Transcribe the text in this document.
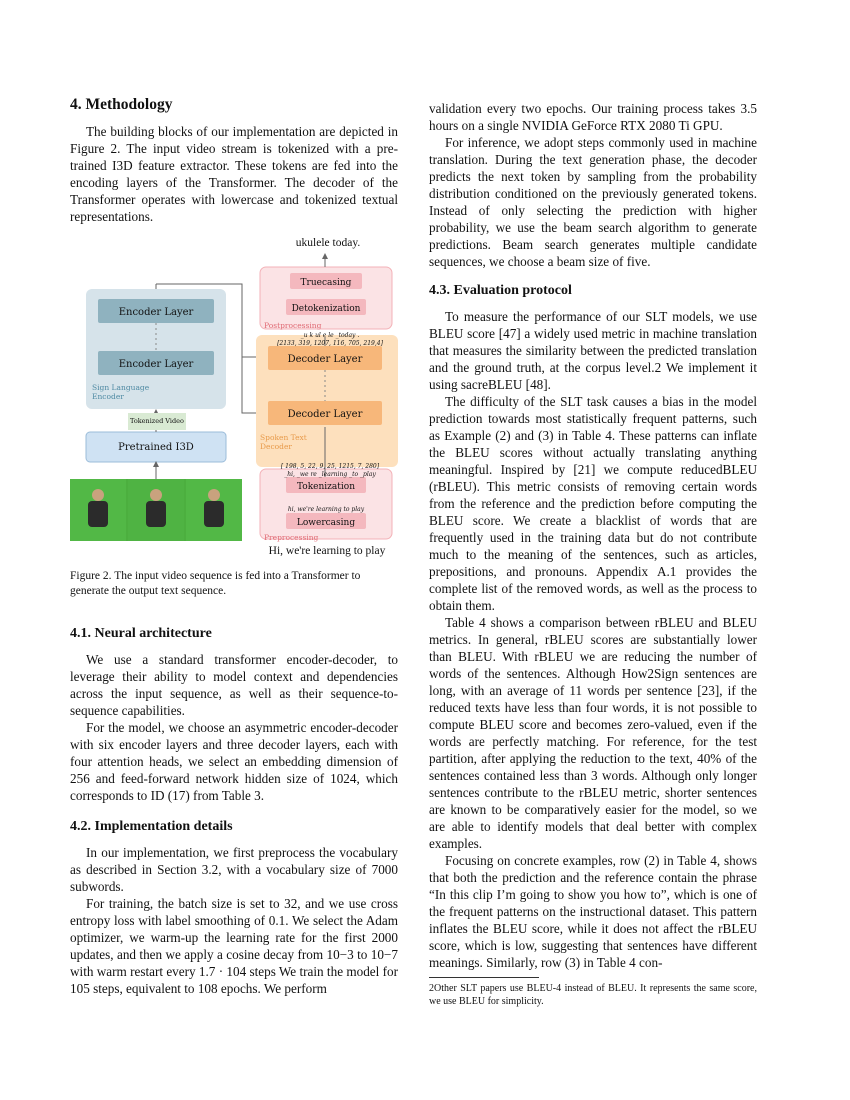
4. Methodology

The building blocks of our implementation are depicted in Figure 2. The input video stream is tokenized with a pre-trained I3D feature extractor. These tokens are fed into the encoding layers of the Transformer. The decoder of the Transformer operates with lowercase and tokenized textual representations.

ukulele today.
Truecasing
Detokenization
Postprocessing
_u k ul e le _today .
[2133, 319, 1207, 116, 705, 219,4]
Encoder Layer
Encoder Layer
Sign Language Encoder
Tokenized Video
Pretrained I3D
Decoder Layer
Decoder Layer
Spoken Text Decoder
[ 198, 5, 22, 9, 25, 1215, 7, 280]
_hi, _we re _learning _to _play
Tokenization
hi, we're learning to play
Lowercasing
Preprocessing
Hi, we're learning to play
Figure 2. The input video sequence is fed into a Transformer to generate the output text sequence.
4.1. Neural architecture

We use a standard transformer encoder-decoder, to leverage their ability to model context and dependencies across the input sequence, as well as their sequence-to-sequence capabilities.

For the model, we choose an asymmetric encoder-decoder with six encoder layers and three decoder layers, each with four attention heads, we select an embedding dimension of 256 and feed-forward network hidden size of 1024, which corresponds to ID (17) from Table 3.

4.2. Implementation details

In our implementation, we first preprocess the vocabulary as described in Section 3.2, with a vocabulary size of 7000 subwords.

For training, the batch size is set to 32, and we use cross entropy loss with label smoothing of 0.1. We select the Adam optimizer, we warm-up the learning rate for the first 2000 updates, and then we apply a cosine decay from 10−3 to 10−7 with warm restart every 1.7 · 104 steps We train the model for 105 steps, equivalent to 108 epochs. We perform

validation every two epochs. Our training process takes 3.5 hours on a single NVIDIA GeForce RTX 2080 Ti GPU.

For inference, we adopt steps commonly used in machine translation. During the text generation phase, the decoder predicts the next token by sampling from the probability distribution conditioned on the previously generated tokens. Instead of only selecting the prediction with higher probability, we use the beam search algorithm to generate predictions. Beam search generates multiple candidate sequences, we choose a beam size of five.

4.3. Evaluation protocol

To measure the performance of our SLT models, we use BLEU score [47] a widely used metric in machine translation that measures the similarity between the predicted translation and the ground truth, at the corpus level.2 We implement it using sacreBLEU [48].

The difficulty of the SLT task causes a bias in the model prediction towards most statistically frequent patterns, such as Example (2) and (3) in Table 4. These patterns can inflate the BLEU scores without actually translating anything meaningful. Inspired by [21] we compute reducedBLEU (rBLEU). This metric consists of removing certain words from the reference and the prediction before computing the BLEU score. We create a blacklist of words that are frequently used in the training data but do not contribute much to the meaning of the sentences, such as articles, prepositions, and pronouns. Appendix A.1 provides the complete list of the removed words, as well as the process to obtain them.

Table 4 shows a comparison between rBLEU and BLEU metrics. In general, rBLEU scores are substantially lower than BLEU. With rBLEU we are reducing the number of words of the sentences. Although How2Sign sentences are long, with an average of 11 words per sentence [23], if the reduced texts have less than four words, it is not possible to compute BLEU score and becomes zero-valued, even if the words are perfectly matching. For reference, for the test partition, after applying the reduction to the text, 40% of the sentences contained less than 3 words. Although only longer sentences contribute to the rBLEU metric, shorter sentences are known to be comparatively easier for the model, so we are able to identify models that deal better with complex examples.

Focusing on concrete examples, row (2) in Table 4, shows that both the prediction and the reference contain the phrase “In this clip I’m going to show you how to”, which is one of the frequent patterns on the instructional dataset. This pattern inflates the BLEU score, while it does not affect the rBLEU score, which is low, suggesting that sentences have different meanings. Similarly, row (3) in Table 4 con-

2Other SLT papers use BLEU-4 instead of BLEU. It represents the same score, we use BLEU for simplicity.
